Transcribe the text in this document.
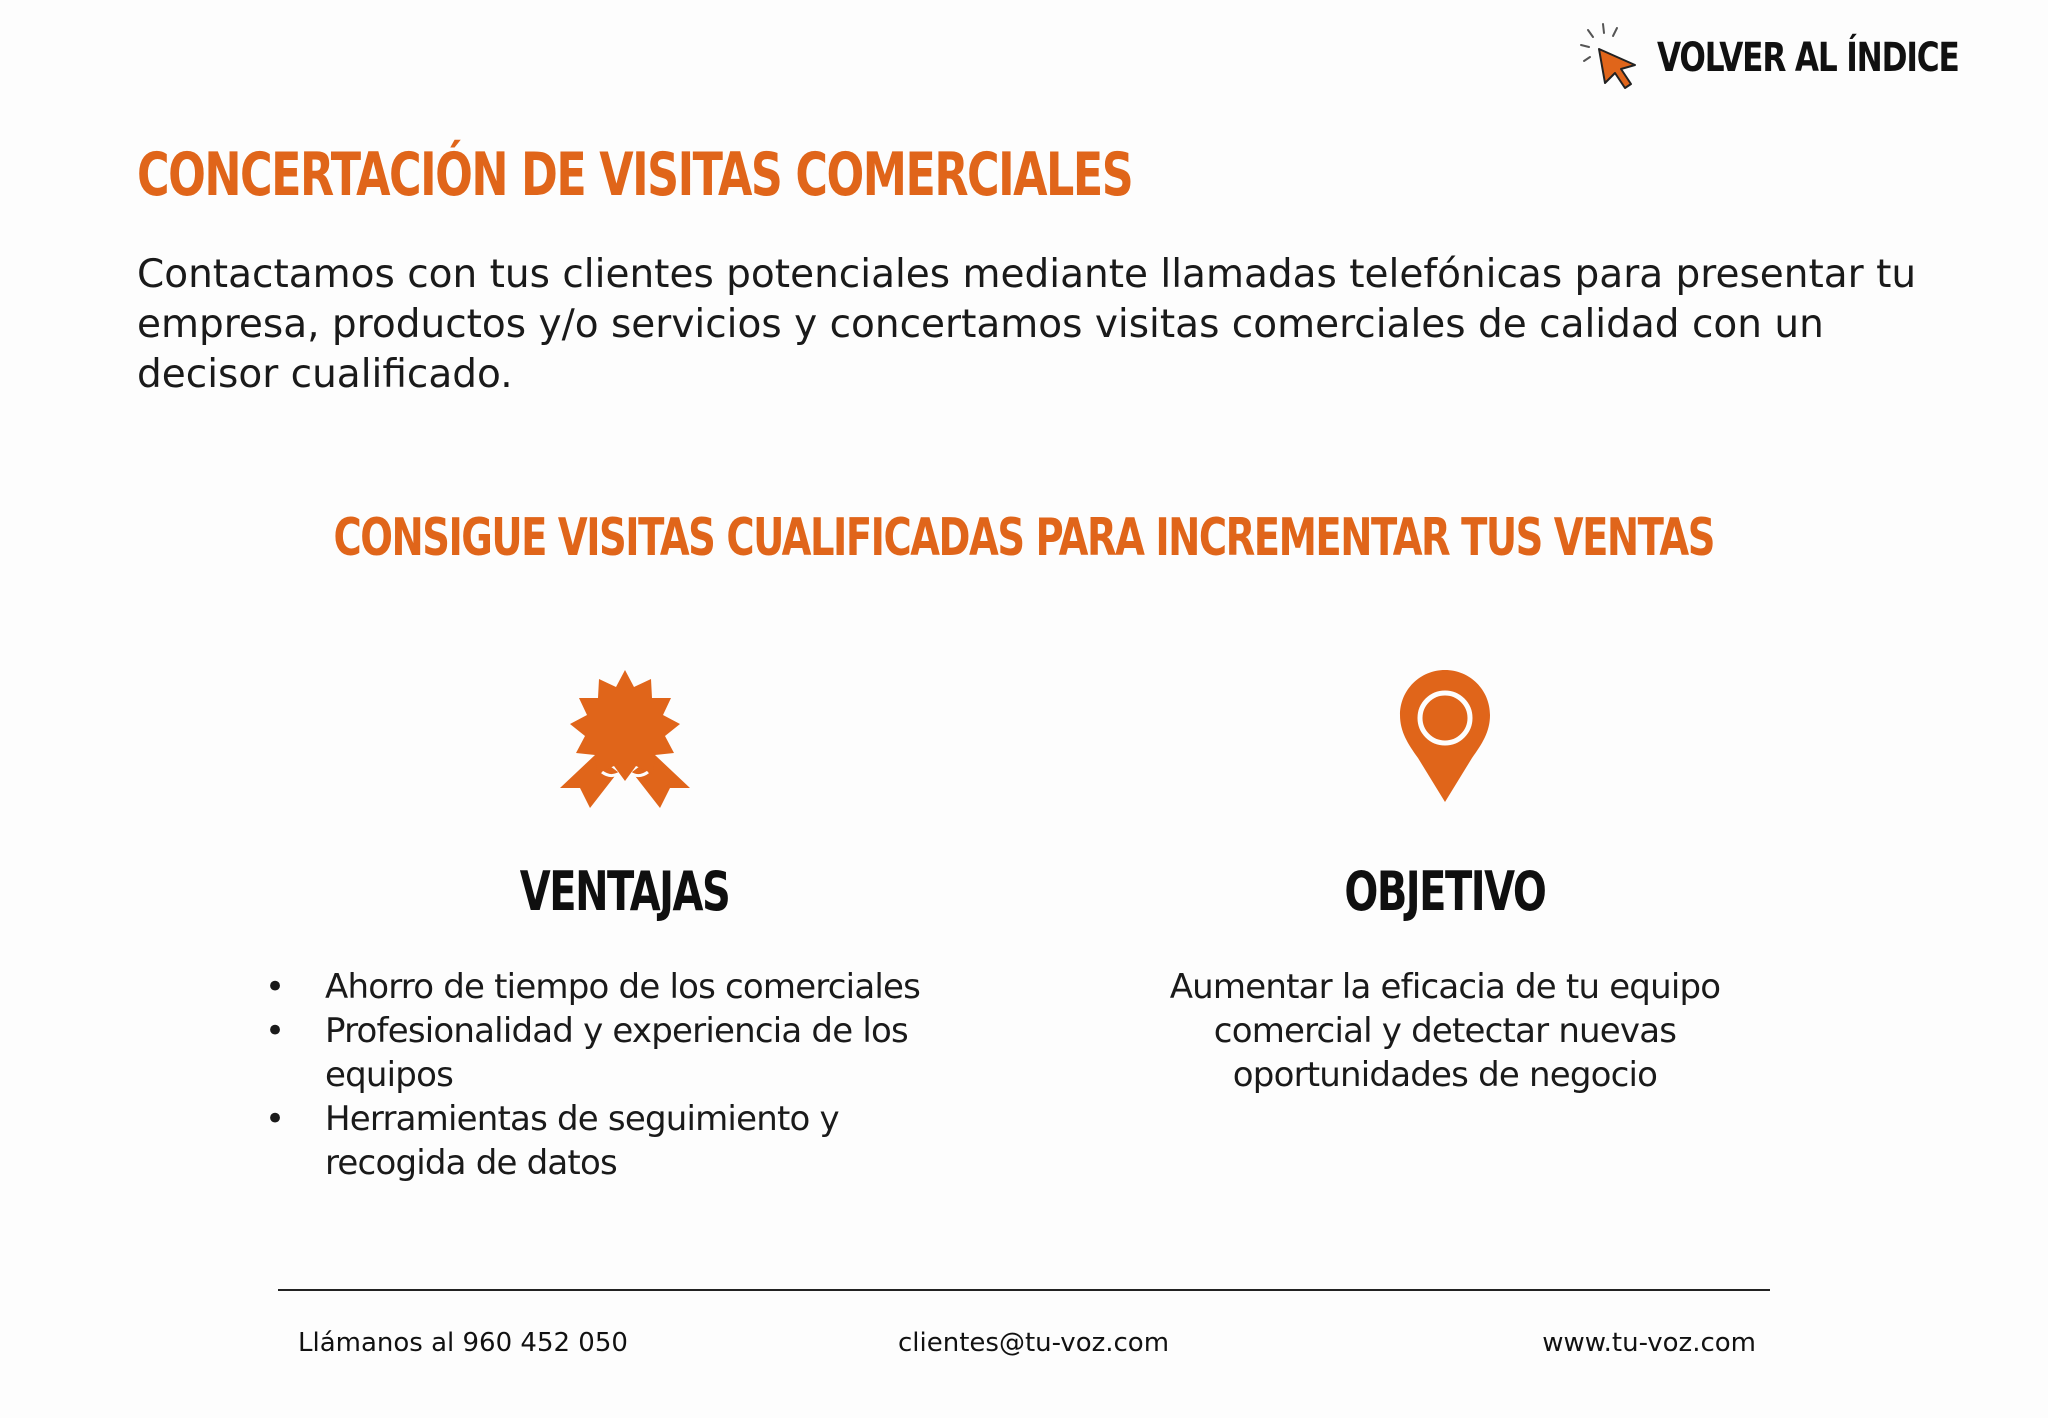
VOLVER AL ÍNDICE
CONCERTACIÓN DE VISITAS COMERCIALES

Contactamos con tus clientes potenciales mediante llamadas telefónicas para presentar tu empresa, productos y/o servicios y concertamos visitas comerciales de calidad con un decisor cualificado.

CONSIGUE VISITAS CUALIFICADAS PARA INCREMENTAR TUS VENTAS
VENTAJAS
• Ahorro de tiempo de los comerciales
• Profesionalidad y experiencia de los equipos
• Herramientas de seguimiento y recogida de datos
OBJETIVO

Aumentar la eficacia de tu equipo comercial y detectar nuevas oportunidades de negocio

Llámanos al 960 452 050	clientes@tu-voz.com	www.tu-voz.com
